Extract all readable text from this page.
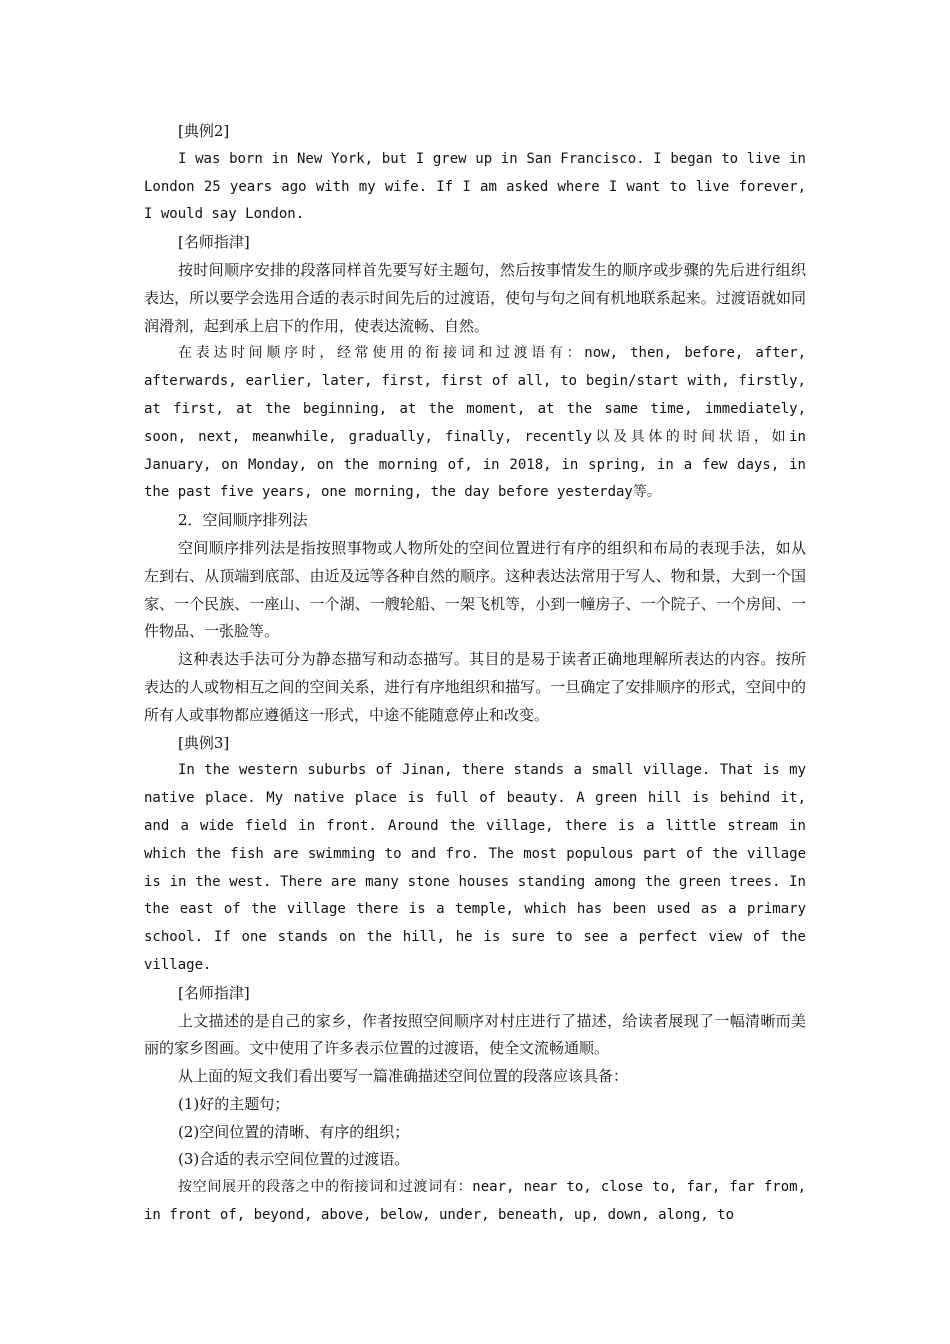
[典例2]

I was born in New York, but I grew up in San Francisco. I began to live in London 25 years ago with my wife. If I am asked where I want to live forever, I would say London.

[名师指津]

按时间顺序安排的段落同样首先要写好主题句，然后按事情发生的顺序或步骤的先后进行组织表达，所以要学会选用合适的表示时间先后的过渡语，使句与句之间有机地联系起来。过渡语就如同润滑剂，起到承上启下的作用，使表达流畅、自然。

在表达时间顺序时，经常使用的衔接词和过渡语有：now, then, before, after, afterwards, earlier, later, first, first of all, to begin/start with, firstly, at first, at the beginning, at the moment, at the same time, immediately, soon, next, meanwhile, gradually, finally, recently以及具体的时间状语，如in January, on Monday, on the morning of, in 2018, in spring, in a few days, in the past five years, one morning, the day before yesterday等。

2．空间顺序排列法

空间顺序排列法是指按照事物或人物所处的空间位置进行有序的组织和布局的表现手法，如从左到右、从顶端到底部、由近及远等各种自然的顺序。这种表达法常用于写人、物和景，大到一个国家、一个民族、一座山、一个湖、一艘轮船、一架飞机等，小到一幢房子、一个院子、一个房间、一件物品、一张脸等。

这种表达手法可分为静态描写和动态描写。其目的是易于读者正确地理解所表达的内容。按所表达的人或物相互之间的空间关系，进行有序地组织和描写。一旦确定了安排顺序的形式，空间中的所有人或事物都应遵循这一形式，中途不能随意停止和改变。

[典例3]

In the western suburbs of Jinan, there stands a small village. That is my native place. My native place is full of beauty. A green hill is behind it, and a wide field in front. Around the village, there is a little stream in which the fish are swimming to and fro. The most populous part of the village is in the west. There are many stone houses standing among the green trees. In the east of the village there is a temple, which has been used as a primary school. If one stands on the hill, he is sure to see a perfect view of the village.

[名师指津]

上文描述的是自己的家乡，作者按照空间顺序对村庄进行了描述，给读者展现了一幅清晰而美丽的家乡图画。文中使用了许多表示位置的过渡语，使全文流畅通顺。

从上面的短文我们看出要写一篇准确描述空间位置的段落应该具备：

(1)好的主题句；

(2)空间位置的清晰、有序的组织；

(3)合适的表示空间位置的过渡语。

按空间展开的段落之中的衔接词和过渡词有：near, near to, close to, far, far from, in front of, beyond, above, below, under, beneath, up, down, along, to
